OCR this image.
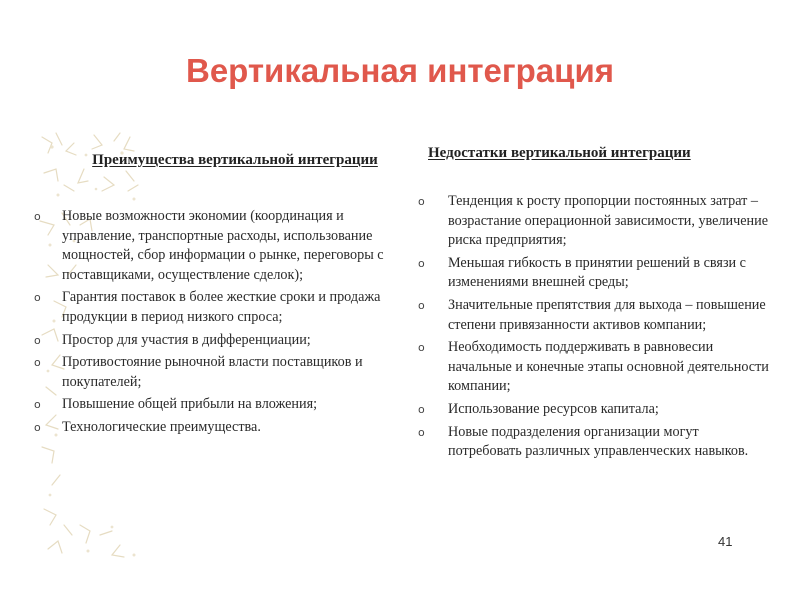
Вертикальная интеграция
Преимущества вертикальной интеграции
o Новые возможности экономии (координация и управление, транспортные расходы, использование мощностей, сбор информации о рынке, переговоры с поставщиками, осуществление сделок);
o Гарантия поставок в более жесткие сроки и продажа продукции в период низкого спроса;
o Простор для участия в дифференциации;
o Противостояние рыночной власти поставщиков и покупателей;
o Повышение общей прибыли на вложения;
o Технологические преимущества.
Недостатки вертикальной интеграции
o Тенденция к росту пропорции постоянных затрат – возрастание операционной зависимости, увеличение риска предприятия;
o Меньшая гибкость в принятии решений в связи с изменениями внешней среды;
o Значительные препятствия для выхода – повышение степени привязанности активов компании;
o Необходимость поддерживать в равновесии начальные и конечные этапы основной деятельности компании;
o Использование ресурсов капитала;
o Новые подразделения организации могут потребовать различных управленческих навыков.
41
